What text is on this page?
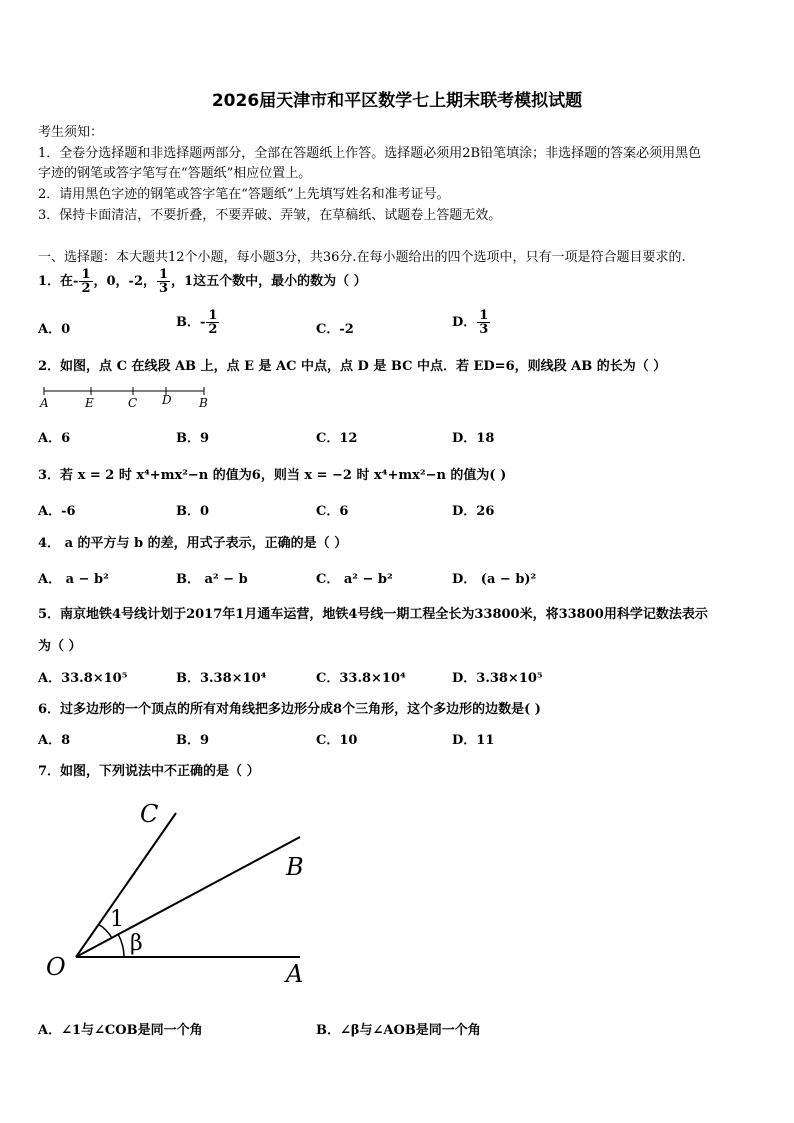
2026届天津市和平区数学七上期末联考模拟试题
考生须知：
1．全卷分选择题和非选择题两部分，全部在答题纸上作答。选择题必须用2B铅笔填涂；非选择题的答案必须用黑色
字迹的钢笔或答字笔写在“答题纸”相应位置上。
2．请用黑色字迹的钢笔或答字笔在“答题纸”上先填写姓名和准考证号。
3．保持卡面清洁，不要折叠，不要弄破、弄皱，在草稿纸、试题卷上答题无效。
一、选择题：本大题共12个小题，每小题3分，共36分.在每小题给出的四个选项中，只有一项是符合题目要求的.
1．在- $\frac{1}{2}$ ，0，-2， $\frac{1}{3}$ ，1这五个数中，最小的数为（ ）
A．0	B．- $\frac{1}{2}$	C．-2	D． $\frac{1}{3}$
2．如图，点 C 在线段 AB 上，点 E 是 AC 中点，点 D 是 BC 中点．若 ED=6，则线段 AB 的长为（ ）
A	E	C D B
A．6	B．9	C．12	D．18
3．若 x = 2 时 x⁴+mx²−n 的值为6，则当 x = −2 时 x⁴+mx²−n 的值为( )
A．-6	B．0	C．6	D．26
4． a 的平方与 b 的差，用式子表示，正确的是（ ）
A． a − b²	B． a² − b	C． a² − b²	D． (a − b)²
5．南京地铁4号线计划于2017年1月通车运营，地铁4号线一期工程全长为33800米，将33800用科学记数法表示
为（ ）
A．33.8×10⁵	B．3.38×10⁴	C．33.8×10⁴	D．3.38×10⁵
6．过多边形的一个顶点的所有对角线把多边形分成8个三角形，这个多边形的边数是( )
A．8	B．9	C．10	D．11
7．如图，下列说法中不正确的是（ ）
C
B
O	A
1
β
A．∠1与∠COB是同一个角	B．∠β与∠AOB是同一个角
